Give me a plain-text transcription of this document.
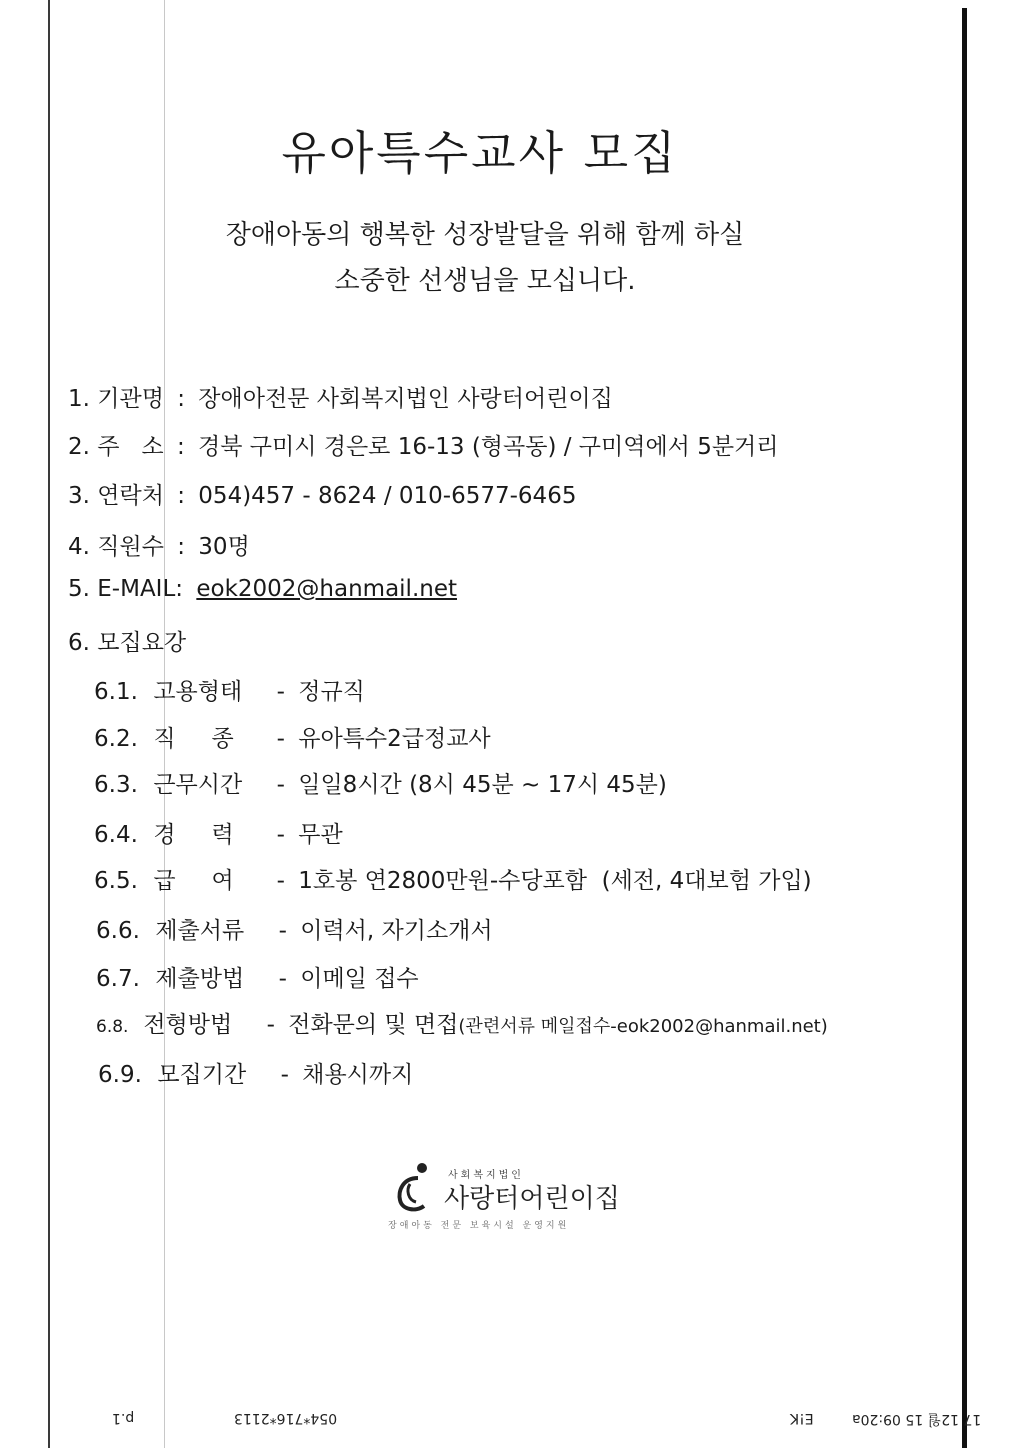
유아특수교사 모집
장애아동의 행복한 성장발달을 위해 함께 하실
소중한 선생님을 모십니다.
1. 기관명 : 장애아전문 사회복지법인 사랑터어린이집
2. 주   소 : 경북 구미시 경은로 16-13 (형곡동) / 구미역에서 5분거리
3. 연락처 : 054)457 - 8624 / 010-6577-6465
4. 직원수 : 30명
5. E-MAIL: eok2002@hanmail.net
6. 모집요강
6.1. 고용형태 - 정규직
6.2. 직종 - 유아특수2급정교사
6.3. 근무시간 - 일일8시간 (8시 45분 ~ 17시 45분)
6.4. 경력 - 무관
6.5. 급여 - 1호봉 연2800만원-수당포함  (세전, 4대보험 가입)
6.6. 제출서류 - 이력서, 자기소개서
6.7. 제출방법 - 이메일 접수
6.8. 전형방법 - 전화문의 및 면접(관련서류 메일접수-eok2002@hanmail.net)
6.9. 모집기간 - 채용시까지
사회복지법인
사랑터어린이집
장애아동 전문 보육시설 운영지원
p.1	054*716*2113	E!K	17 12월 15 09:20a
